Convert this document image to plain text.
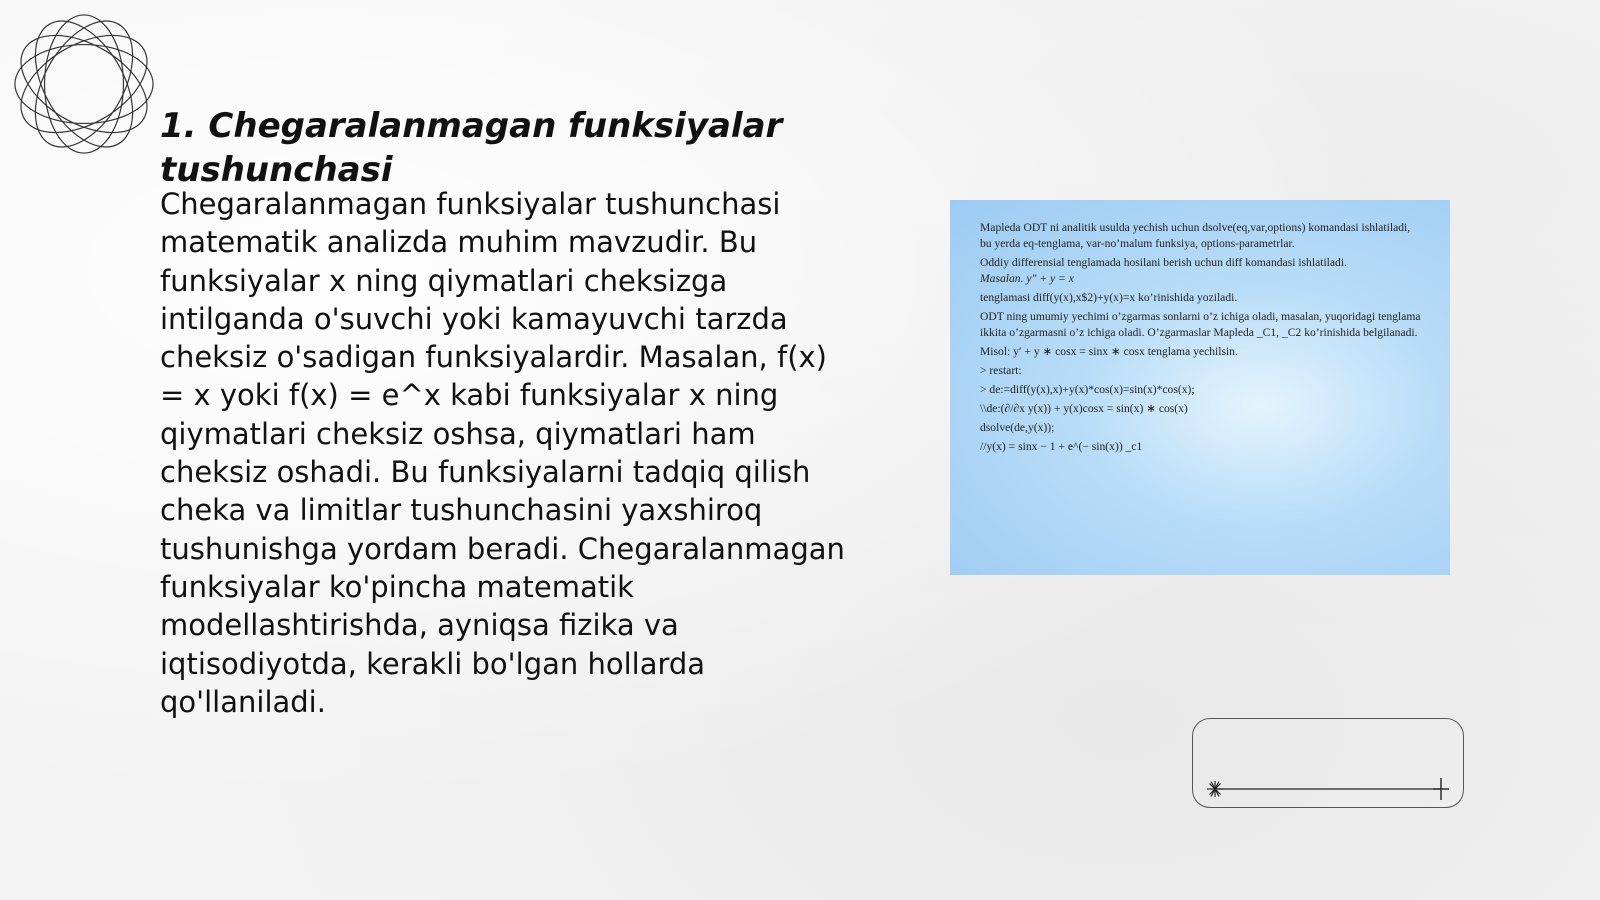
1. Chegaralanmagan funksiyalar tushunchasi

Chegaralanmagan funksiyalar tushunchasi matematik analizda muhim mavzudir. Bu funksiyalar x ning qiymatlari cheksizga intilganda o'suvchi yoki kamayuvchi tarzda cheksiz o'sadigan funksiyalardir. Masalan, f(x) = x yoki f(x) = e^x kabi funksiyalar x ning qiymatlari cheksiz oshsa, qiymatlari ham cheksiz oshadi. Bu funksiyalarni tadqiq qilish cheka va limitlar tushunchasini yaxshiroq tushunishga yordam beradi. Chegaralanmagan funksiyalar ko'pincha matematik modellashtirishda, ayniqsa fizika va iqtisodiyotda, kerakli bo'lgan hollarda qo'llaniladi.

Mapleda ODT ni analitik usulda yechish uchun dsolve(eq,var,options) komandasi ishlatiladi, bu yerda eq-tenglama, var-no’malum funksiya, options-parametrlar.

Oddiy differensial tenglamada hosilani berish uchun diff komandasi ishlatiladi.

Masalan. y″ + y = x

tenglamasi diff(y(x),x$2)+y(x)=x ko’rinishida yoziladi.

ODT ning umumiy yechimi o’zgarmas sonlarni o’z ichiga oladi, masalan, yuqoridagi tenglama ikkita o’zgarmasni o’z ichiga oladi. O’zgarmaslar Mapleda _C1, _C2 ko’rinishida belgilanadi.

Misol: y′ + y ∗ cosx = sinx ∗ cosx tenglama yechilsin.

> restart:

> de:=diff(y(x),x)+y(x)*cos(x)=sin(x)*cos(x);

\\de:(∂/∂x y(x)) + y(x)cosx = sin(x) ∗ cos(x)

dsolve(de,y(x));

//y(x) = sinx − 1 + e^(− sin(x)) _c1
